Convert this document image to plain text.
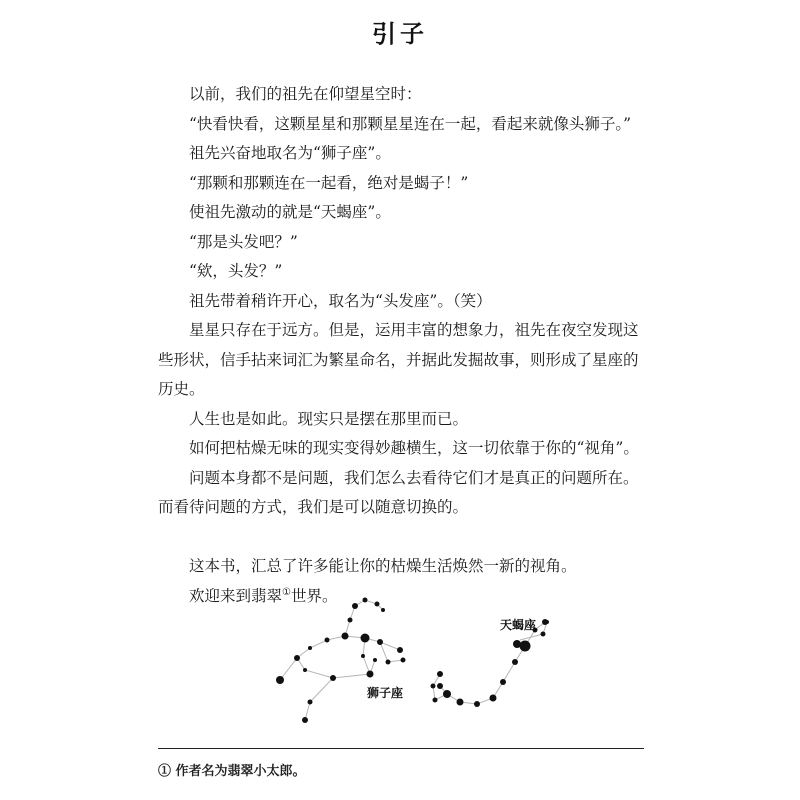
引子

以前，我们的祖先在仰望星空时：

“快看快看，这颗星星和那颗星星连在一起，看起来就像头狮子。”

祖先兴奋地取名为“狮子座”。

“那颗和那颗连在一起看，绝对是蝎子！”

使祖先激动的就是“天蝎座”。

“那是头发吧？”

“欸，头发？”

祖先带着稍许开心，取名为“头发座”。（笑）

星星只存在于远方。但是，运用丰富的想象力，祖先在夜空发现这些形状，信手拈来词汇为繁星命名，并据此发掘故事，则形成了星座的历史。

人生也是如此。现实只是摆在那里而已。

如何把枯燥无味的现实变得妙趣横生，这一切依靠于你的“视角”。

问题本身都不是问题，我们怎么去看待它们才是真正的问题所在。而看待问题的方式，我们是可以随意切换的。

这本书，汇总了许多能让你的枯燥生活焕然一新的视角。

欢迎来到翡翠①世界。

狮子座
天蝎座
① 作者名为翡翠小太郎。
